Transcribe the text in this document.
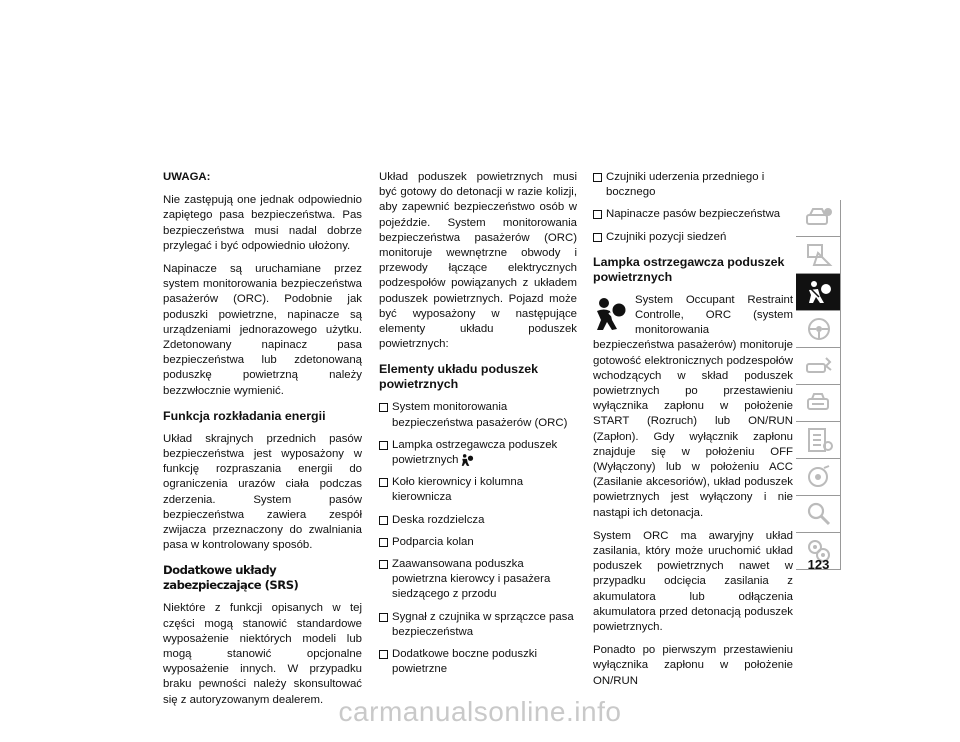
UWAGA:

Nie zastępują one jednak odpowiednio zapiętego pasa bezpieczeństwa. Pas bezpieczeństwa musi nadal dobrze przylegać i być odpowiednio ułożony.

Napinacze są uruchamiane przez system monitorowania bezpieczeństwa pasażerów (ORC). Podobnie jak poduszki powietrzne, napinacze są urządzeniami jednorazowego użytku. Zdetonowany napinacz pasa bezpieczeństwa lub zdetonowaną poduszkę powietrzną należy bezzwłocznie wymienić.

Funkcja rozkładania energii

Układ skrajnych przednich pasów bezpieczeństwa jest wyposażony w funkcję rozpraszania energii do ograniczenia urazów ciała podczas zderzenia. System pasów bezpieczeństwa zawiera zespół zwijacza przeznaczony do zwalniania pasa w kontrolowany sposób.

Dodatkowe układy zabezpieczające (SRS)

Niektóre z funkcji opisanych w tej części mogą stanowić standardowe wyposażenie niektórych modeli lub mogą stanowić opcjonalne wyposażenie innych. W przypadku braku pewności należy skonsultować się z autoryzowanym dealerem.

Układ poduszek powietrznych musi być gotowy do detonacji w razie kolizji, aby zapewnić bezpieczeństwo osób w pojeździe. System monitorowania bezpieczeństwa pasażerów (ORC) monitoruje wewnętrzne obwody i przewody łączące elektrycznych podzespołów powiązanych z układem poduszek powietrznych. Pojazd może być wyposażony w następujące elementy układu poduszek powietrznych:

Elementy układu poduszek powietrznych
System monitorowania bezpieczeństwa pasażerów (ORC)
Lampka ostrzegawcza poduszek powietrznych
Koło kierownicy i kolumna kierownicza
Deska rozdzielcza
Podparcia kolan
Zaawansowana poduszka powietrzna kierowcy i pasażera siedzącego z przodu
Sygnał z czujnika w sprzączce pasa bezpieczeństwa
Dodatkowe boczne poduszki powietrzne
Czujniki uderzenia przedniego i bocznego
Napinacze pasów bezpieczeństwa
Czujniki pozycji siedzeń
Lampka ostrzegawcza poduszek powietrznych

System Occupant Restraint Controlle, ORC (system monitorowania bezpieczeństwa pasażerów) monitoruje gotowość elektronicznych podzespołów wchodzących w skład poduszek powietrznych po przestawieniu wyłącznika zapłonu w położenie START (Rozruch) lub ON/RUN (Zapłon). Gdy wyłącznik zapłonu znajduje się w położeniu OFF (Wyłączony) lub w położeniu ACC (Zasilanie akcesoriów), układ poduszek powietrznych jest wyłączony i nie nastąpi ich detonacja.

System ORC ma awaryjny układ zasilania, który może uruchomić układ poduszek powietrznych nawet w przypadku odcięcia zasilania z akumulatora lub odłączenia akumulatora przed detonacją poduszek powietrznych.

Ponadto po pierwszym przestawieniu wyłącznika zapłonu w położenie ON/RUN

123
carmanualsonline.info
